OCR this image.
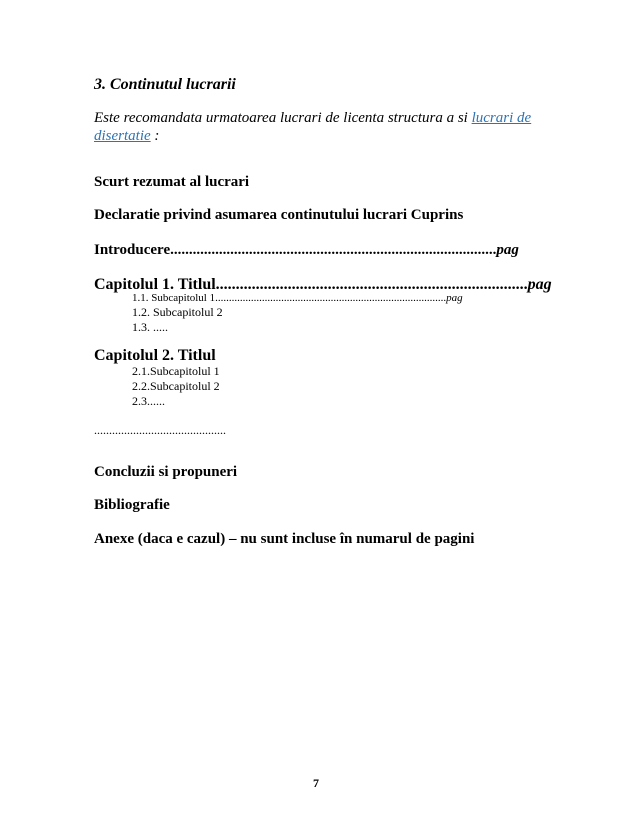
3. Continutul lucrarii
Este recomandata urmatoarea lucrari de licenta structura a si lucrari de
disertatie :
Scurt rezumat al lucrari
Declaratie privind asumarea continutului lucrari Cuprins
Introducere.......................................................................................pag
Capitolul 1. Titlul..............................................................................pag
1.1. Subcapitolul 1....................................................................................pag
1.2. Subcapitolul 2
1.3. .....
Capitolul 2. Titlul
2.1.Subcapitolul 1
2.2.Subcapitolul 2
2.3......
............................................
Concluzii si propuneri
Bibliografie
Anexe (daca e cazul) – nu sunt incluse în numarul de pagini
7
